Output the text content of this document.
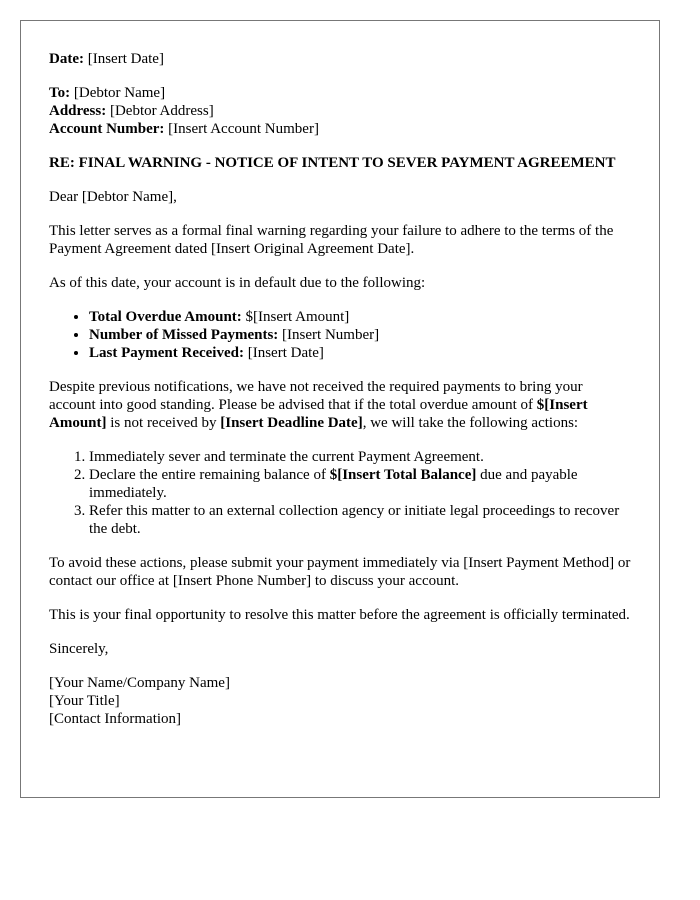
Date: [Insert Date]

To: [Debtor Name]
Address: [Debtor Address]
Account Number: [Insert Account Number]

RE: FINAL WARNING - NOTICE OF INTENT TO SEVER PAYMENT AGREEMENT

Dear [Debtor Name],

This letter serves as a formal final warning regarding your failure to adhere to the terms of the Payment Agreement dated [Insert Original Agreement Date].

As of this date, your account is in default due to the following:

• Total Overdue Amount: $[Insert Amount]
• Number of Missed Payments: [Insert Number]
• Last Payment Received: [Insert Date]

Despite previous notifications, we have not received the required payments to bring your account into good standing. Please be advised that if the total overdue amount of $[Insert Amount] is not received by [Insert Deadline Date], we will take the following actions:

1. Immediately sever and terminate the current Payment Agreement.
2. Declare the entire remaining balance of $[Insert Total Balance] due and payable immediately.
3. Refer this matter to an external collection agency or initiate legal proceedings to recover the debt.

To avoid these actions, please submit your payment immediately via [Insert Payment Method] or contact our office at [Insert Phone Number] to discuss your account.

This is your final opportunity to resolve this matter before the agreement is officially terminated.

Sincerely,

[Your Name/Company Name]
[Your Title]
[Contact Information]
